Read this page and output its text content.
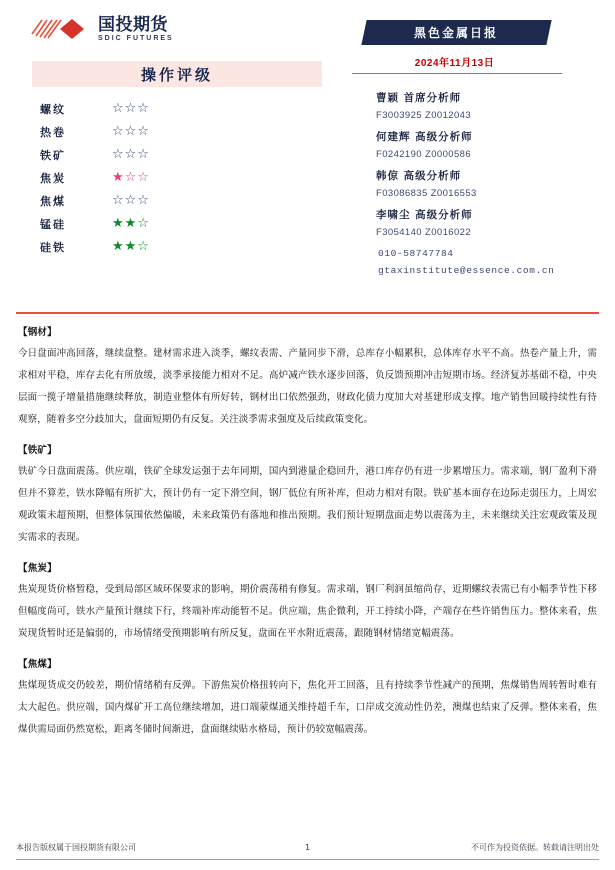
国投期货
SDIC FUTURES
操作评级
螺纹	☆☆☆
热卷	☆☆☆
铁矿	☆☆☆
焦炭	★☆☆
焦煤	☆☆☆
锰硅	★★☆
硅铁	★★☆
黑色金属日报
2024年11月13日
曹颖 首席分析师
F3003925 Z0012043
何建辉 高级分析师
F0242190 Z0000586
韩倞 高级分析师
F03086835 Z0016553
李啸尘 高级分析师
F3054140 Z0016022
010-58747784
gtaxinstitute@essence.com.cn
【钢材】
今日盘面冲高回落，继续盘整。建材需求进入淡季，螺纹表需、产量同步下滑，总库存小幅累积，总体库存水平不高。热卷产量上升，需求相对平稳，库存去化有所放缓，淡季承接能力相对不足。高炉减产铁水逐步回落，负反馈预期冲击短期市场。经济复苏基础不稳，中央层面一揽子增量措施继续释放，制造业整体有所好转，钢材出口依然强劲，财政化债力度加大对基建形成支撑。地产销售回暖持续性有待观察，随着多空分歧加大，盘面短期仍有反复。关注淡季需求强度及后续政策变化。
【铁矿】
铁矿今日盘面震荡。供应端，铁矿全球发运强于去年同期，国内到港量企稳回升，港口库存仍有进一步累增压力。需求端，钢厂盈利下滑但并不算差，铁水降幅有所扩大，预计仍有一定下滑空间，钢厂低位有所补库，但动力相对有限。铁矿基本面存在边际走弱压力，上周宏观政策未超预期，但整体氛围依然偏暖，未来政策仍有落地和推出预期。我们预计短期盘面走势以震荡为主，未来继续关注宏观政策及现实需求的表现。
【焦炭】
焦炭现货价格暂稳，受到局部区域环保要求的影响，期价震荡稍有修复。需求端，钢厂利润虽缩尚存，近期螺纹表需已有小幅季节性下移但幅度尚可，铁水产量预计继续下行，终端补库动能暂不足。供应端，焦企微利，开工持续小降，产端存在些许销售压力。整体来看，焦炭现货暂时还是偏弱的，市场情绪受预期影响有所反复，盘面在平水附近震荡，跟随钢材情绪宽幅震荡。
【焦煤】
焦煤现货成交仍较差，期价情绪稍有反弹。下游焦炭价格扭转向下，焦化开工回落，且有持续季节性减产的预期，焦煤销售周转暂时难有太大起色。供应端，国内煤矿开工高位继续增加，进口端蒙煤通关维持超千车，口岸成交流动性仍差，澳煤也结束了反弹。整体来看，焦煤供需局面仍然宽松，距离冬储时间渐进，盘面继续贴水格局，预计仍较宽幅震荡。
本报告版权属于国投期货有限公司	1	不可作为投资依据。转载请注明出处
